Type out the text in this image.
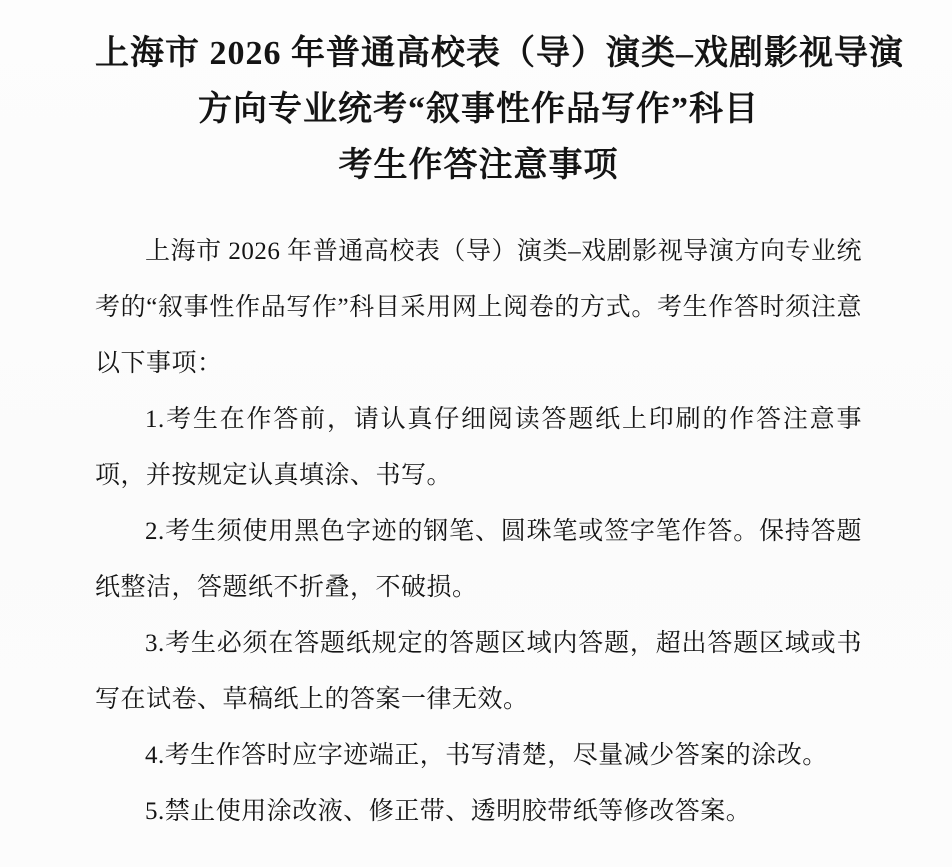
上海市 2026 年普通高校表（导）演类–戏剧影视导演
方向专业统考“叙事性作品写作”科目
考生作答注意事项

上海市 2026 年普通高校表（导）演类–戏剧影视导演方向专业统考的“叙事性作品写作”科目采用网上阅卷的方式。考生作答时须注意以下事项：

1.考生在作答前，请认真仔细阅读答题纸上印刷的作答注意事项，并按规定认真填涂、书写。

2.考生须使用黑色字迹的钢笔、圆珠笔或签字笔作答。保持答题纸整洁，答题纸不折叠，不破损。

3.考生必须在答题纸规定的答题区域内答题，超出答题区域或书写在试卷、草稿纸上的答案一律无效。

4.考生作答时应字迹端正，书写清楚，尽量减少答案的涂改。

5.禁止使用涂改液、修正带、透明胶带纸等修改答案。
